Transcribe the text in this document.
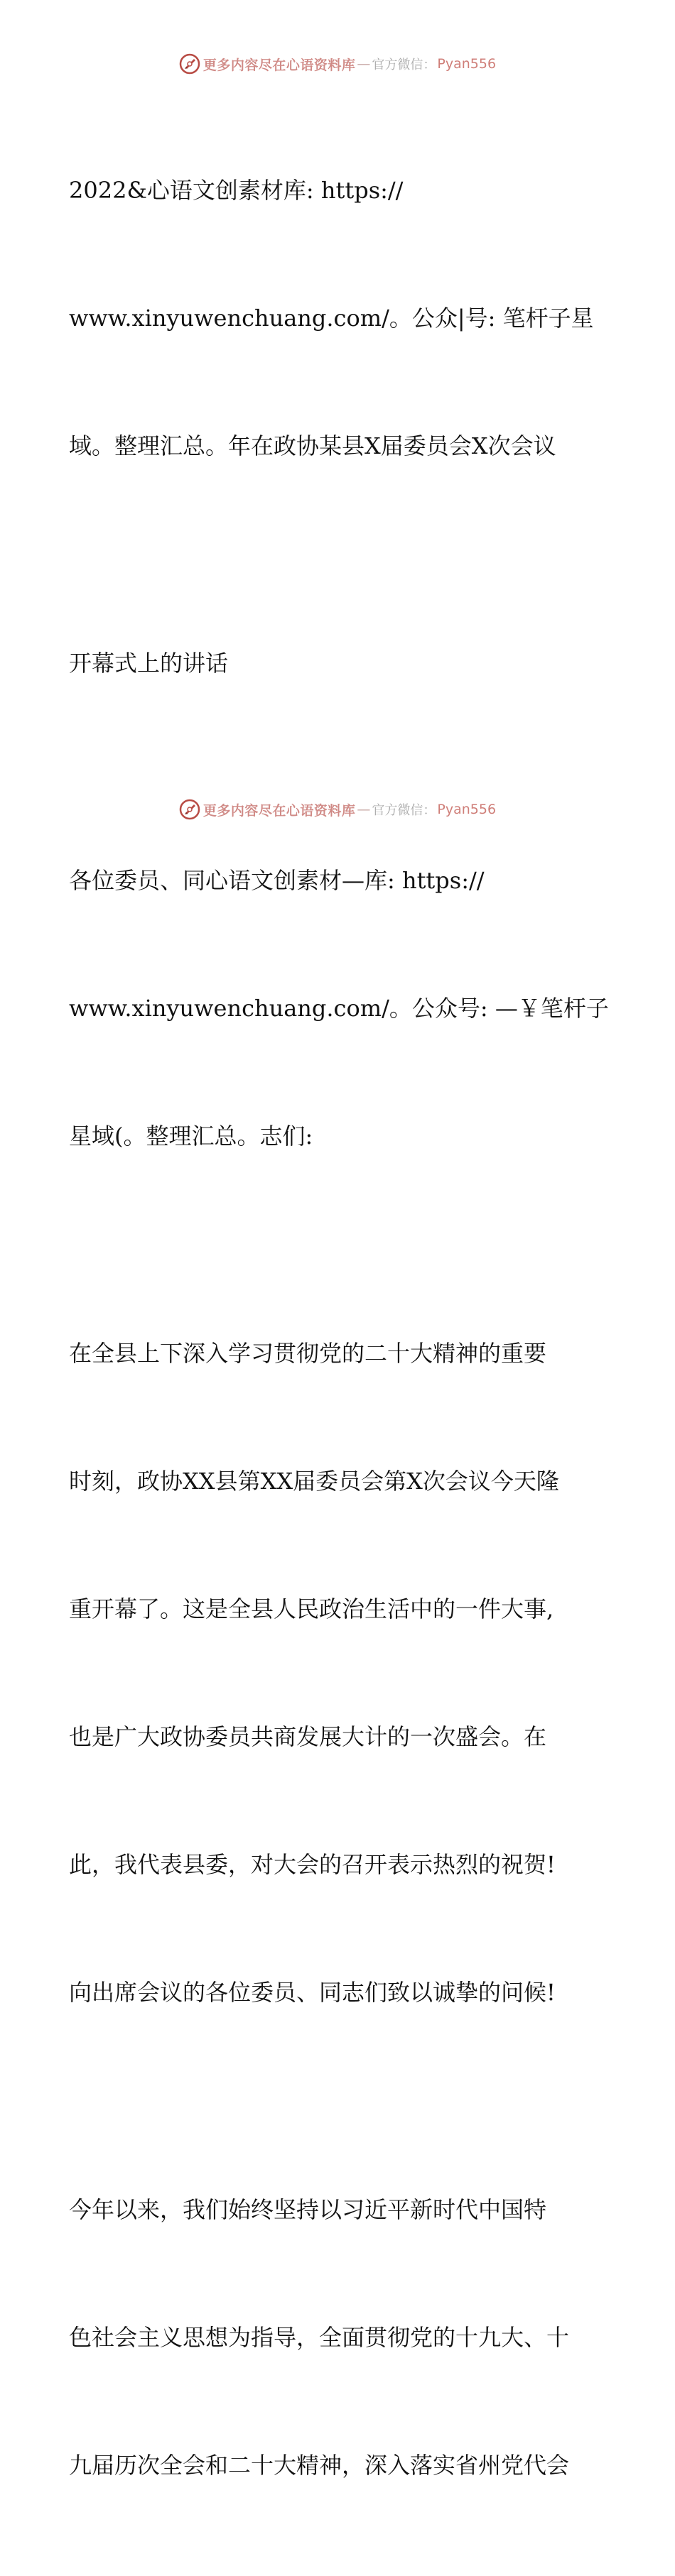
更多内容尽在心语资料库 — 官方微信： Pyan556

2022&心语文创素材库: https://

www.xinyuwenchuang.com/。公众|号: 笔杆子星

域。整理汇总。年在政协某县X届委员会X次会议

开幕式上的讲话

各位委员、同心语文创素材—库: https://

www.xinyuwenchuang.com/。公众号: —￥笔杆子

星域(。整理汇总。志们:

在全县上下深入学习贯彻党的二十大精神的重要

时刻，政协XX县第XX届委员会第X次会议今天隆

重开幕了。这是全县人民政治生活中的一件大事,

也是广大政协委员共商发展大计的一次盛会。在

此，我代表县委，对大会的召开表示热烈的祝贺!

向出席会议的各位委员、同志们致以诚挚的问候!

今年以来，我们始终坚持以习近平新时代中国特

色社会主义思想为指导，全面贯彻党的十九大、十

九届历次全会和二十大精神，深入落实省州党代会

更多内容尽在心语资料库 — 官方微信： Pyan556
